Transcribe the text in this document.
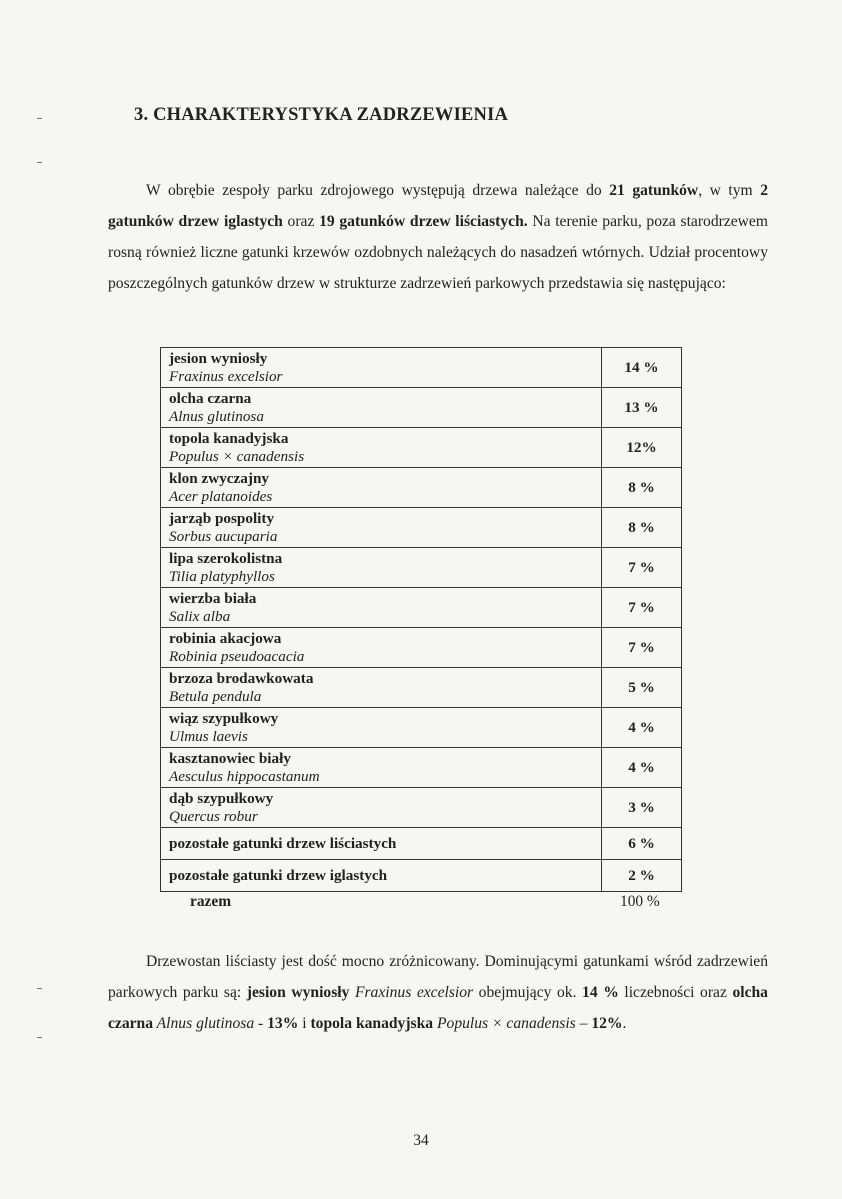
3. CHARAKTERYSTYKA ZADRZEWIENIA

W obrębie zespoły parku zdrojowego występują drzewa należące do 21 gatunków, w tym 2 gatunków drzew iglastych oraz 19 gatunków drzew liściastych. Na terenie parku, poza starodrzewem rosną również liczne gatunki krzewów ozdobnych należących do nasadzeń wtórnych. Udział procentowy poszczególnych gatunków drzew w strukturze zadrzewień parkowych przedstawia się następująco:

jesion wyniosły
Fraxinus excelsior	14 %

olcha czarna
Alnus glutinosa	13 %

topola kanadyjska
Populus × canadensis	12%

klon zwyczajny
Acer platanoides	8 %

jarząb pospolity
Sorbus aucuparia	8 %

lipa szerokolistna
Tilia platyphyllos	7 %

wierzba biała
Salix alba	7 %

robinia akacjowa
Robinia pseudoacacia	7 %

brzoza brodawkowata
Betula pendula	5 %

wiąz szypułkowy
Ulmus laevis	4 %

kasztanowiec biały
Aesculus hippocastanum	4 %

dąb szypułkowy
Quercus robur	3 %

pozostałe gatunki drzew liściastych	6 %

pozostałe gatunki drzew iglastych	2 %
razem	100 %

Drzewostan liściasty jest dość mocno zróżnicowany. Dominującymi gatunkami wśród zadrzewień parkowych parku są: jesion wyniosły Fraxinus excelsior obejmujący ok. 14 % liczebności oraz olcha czarna Alnus glutinosa - 13% i topola kanadyjska Populus × canadensis – 12%.

34
